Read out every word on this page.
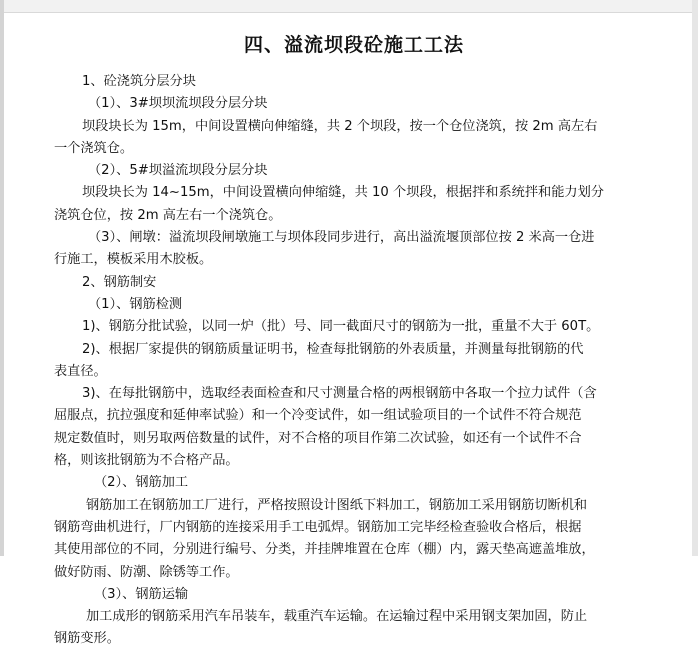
四、溢流坝段砼施工工法
1、砼浇筑分层分块
（1）、3#坝坝流坝段分层分块
坝段块长为 15m，中间设置横向伸缩缝，共 2 个坝段，按一个仓位浇筑，按 2m 高左右
一个浇筑仓。
（2）、5#坝溢流坝段分层分块
坝段块长为 14~15m，中间设置横向伸缩缝，共 10 个坝段，根据拌和系统拌和能力划分
浇筑仓位，按 2m 高左右一个浇筑仓。
（3）、闸墩：溢流坝段闸墩施工与坝体段同步进行，高出溢流堰顶部位按 2 米高一仓进
行施工，模板采用木胶板。
2、钢筋制安
（1）、钢筋检测
1)、钢筋分批试验，以同一炉（批）号、同一截面尺寸的钢筋为一批，重量不大于 60T。
2)、根据厂家提供的钢筋质量证明书，检查每批钢筋的外表质量，并测量每批钢筋的代
表直径。
3)、在每批钢筋中，选取经表面检查和尺寸测量合格的两根钢筋中各取一个拉力试件（含
屈服点，抗拉强度和延伸率试验）和一个冷变试件，如一组试验项目的一个试件不符合规范
规定数值时，则另取两倍数量的试件，对不合格的项目作第二次试验，如还有一个试件不合
格，则该批钢筋为不合格产品。
（2）、钢筋加工
钢筋加工在钢筋加工厂进行，严格按照设计图纸下料加工，钢筋加工采用钢筋切断机和
钢筋弯曲机进行，厂内钢筋的连接采用手工电弧焊。钢筋加工完毕经检查验收合格后，根据
其使用部位的不同，分别进行编号、分类，并挂牌堆置在仓库（棚）内，露天垫高遮盖堆放，
做好防雨、防潮、除锈等工作。
（3）、钢筋运输
加工成形的钢筋采用汽车吊装车，载重汽车运输。在运输过程中采用钢支架加固，防止
钢筋变形。
